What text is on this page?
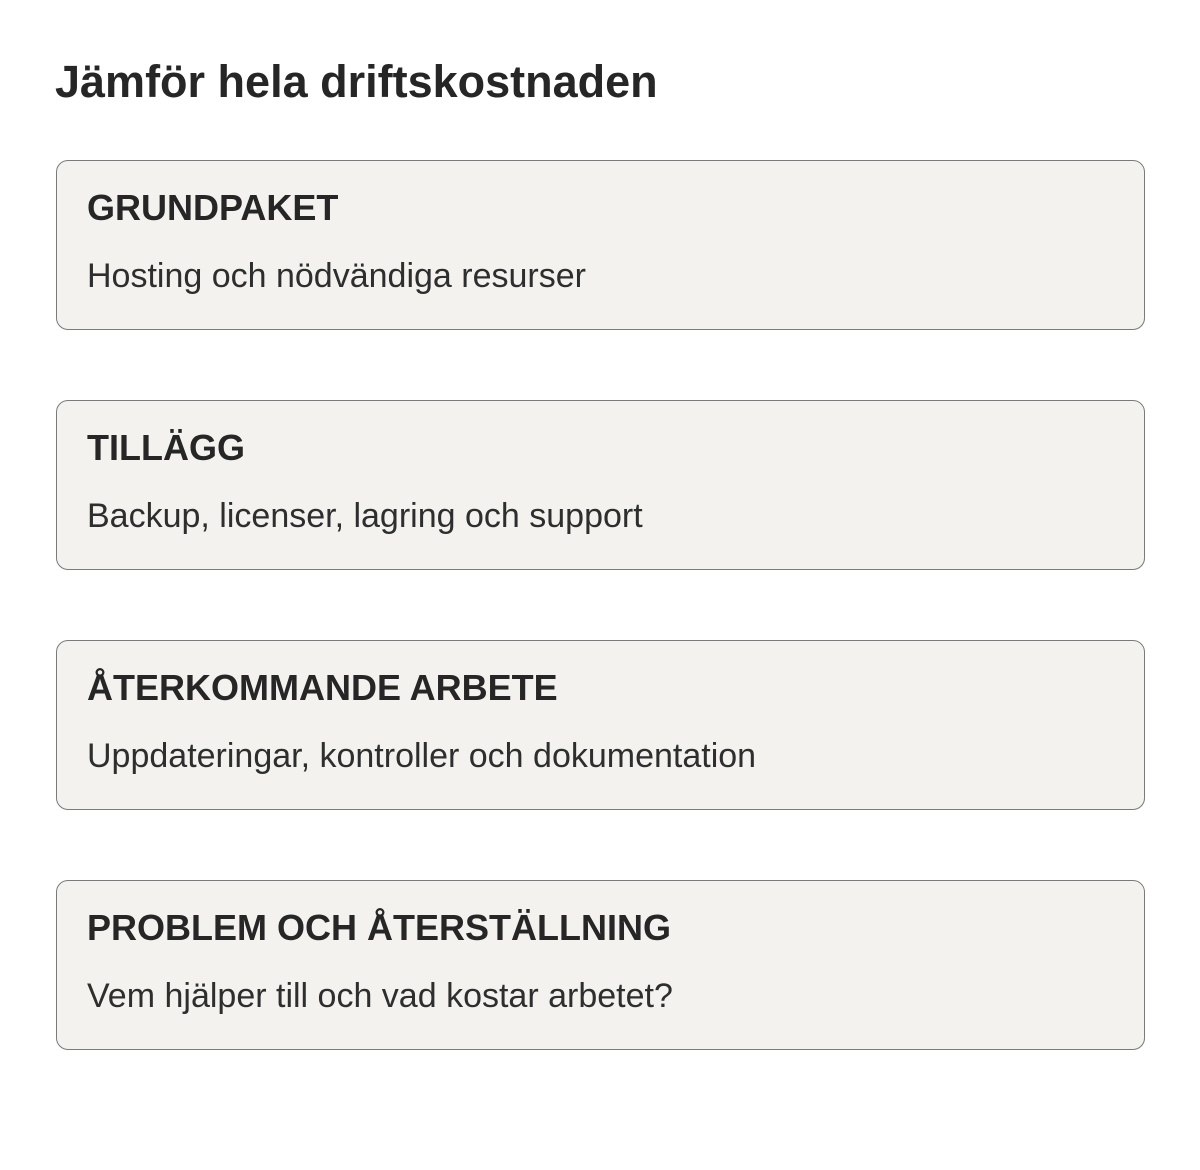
Jämför hela driftskostnaden
GRUNDPAKET

Hosting och nödvändiga resurser

TILLÄGG

Backup, licenser, lagring och support

ÅTERKOMMANDE ARBETE

Uppdateringar, kontroller och dokumentation

PROBLEM OCH ÅTERSTÄLLNING

Vem hjälper till och vad kostar arbetet?
